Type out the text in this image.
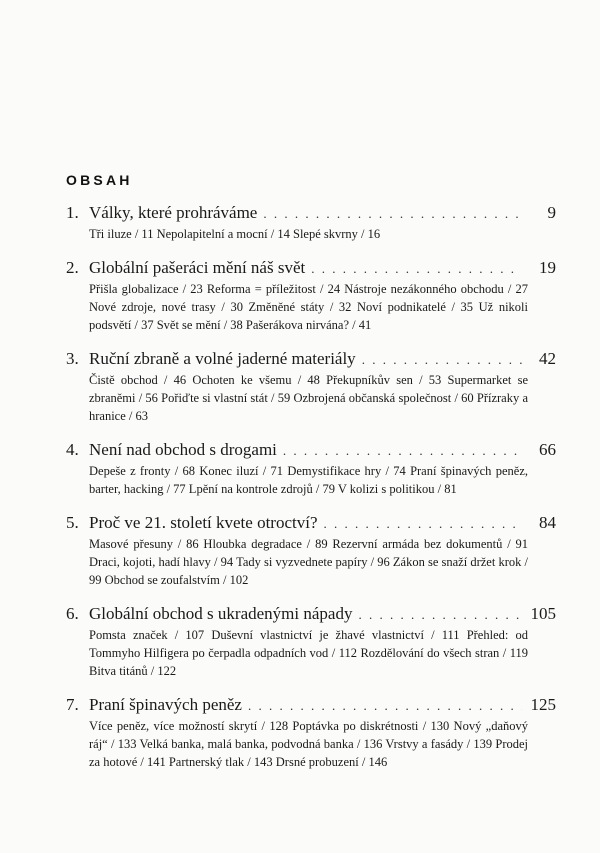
OBSAH
1. Války, které prohráváme . . .	9
Tři iluze / 11 Nepolapitelní a mocní / 14 Slepé skvrny / 16
2. Globální pašeráci mění náš svět . . .	19
Přišla globalizace / 23 Reforma = příležitost / 24 Nástroje nezákonného obchodu / 27 Nové zdroje, nové trasy / 30 Změněné státy / 32 Noví podnikatelé / 35 Už nikoli podsvětí / 37 Svět se mění / 38 Pašerákova nirvána? / 41
3. Ruční zbraně a volné jaderné materiály . . .	42
Čistě obchod / 46 Ochoten ke všemu / 48 Překupníkův sen / 53 Supermarket se zbraněmi / 56 Pořiďte si vlastní stát / 59 Ozbrojená občanská společnost / 60 Přízraky a hranice / 63
4. Není nad obchod s drogami . . .	66
Depeše z fronty / 68 Konec iluzí / 71 Demystifikace hry / 74 Praní špinavých peněz, barter, hacking / 77 Lpění na kontrole zdrojů / 79 V kolizi s politikou / 81
5. Proč ve 21. století kvete otroctví? . . .	84
Masové přesuny / 86 Hloubka degradace / 89 Rezervní armáda bez dokumentů / 91 Draci, kojoti, hadí hlavy / 94 Tady si vyzvednete papíry / 96 Zákon se snaží držet krok / 99 Obchod se zoufalstvím / 102
6. Globální obchod s ukradenými nápady . . .	105
Pomsta značek / 107 Duševní vlastnictví je žhavé vlastnictví / 111 Přehled: od Tommyho Hilfigera po čerpadla odpadních vod / 112 Rozdělování do všech stran / 119 Bitva titánů / 122
7. Praní špinavých peněz . . .	125
Více peněz, více možností skrytí / 128 Poptávka po diskrétnosti / 130 Nový „daňový ráj“ / 133 Velká banka, malá banka, podvodná banka / 136 Vrstvy a fasády / 139 Prodej za hotové / 141 Partnerský tlak / 143 Drsné probuzení / 146
